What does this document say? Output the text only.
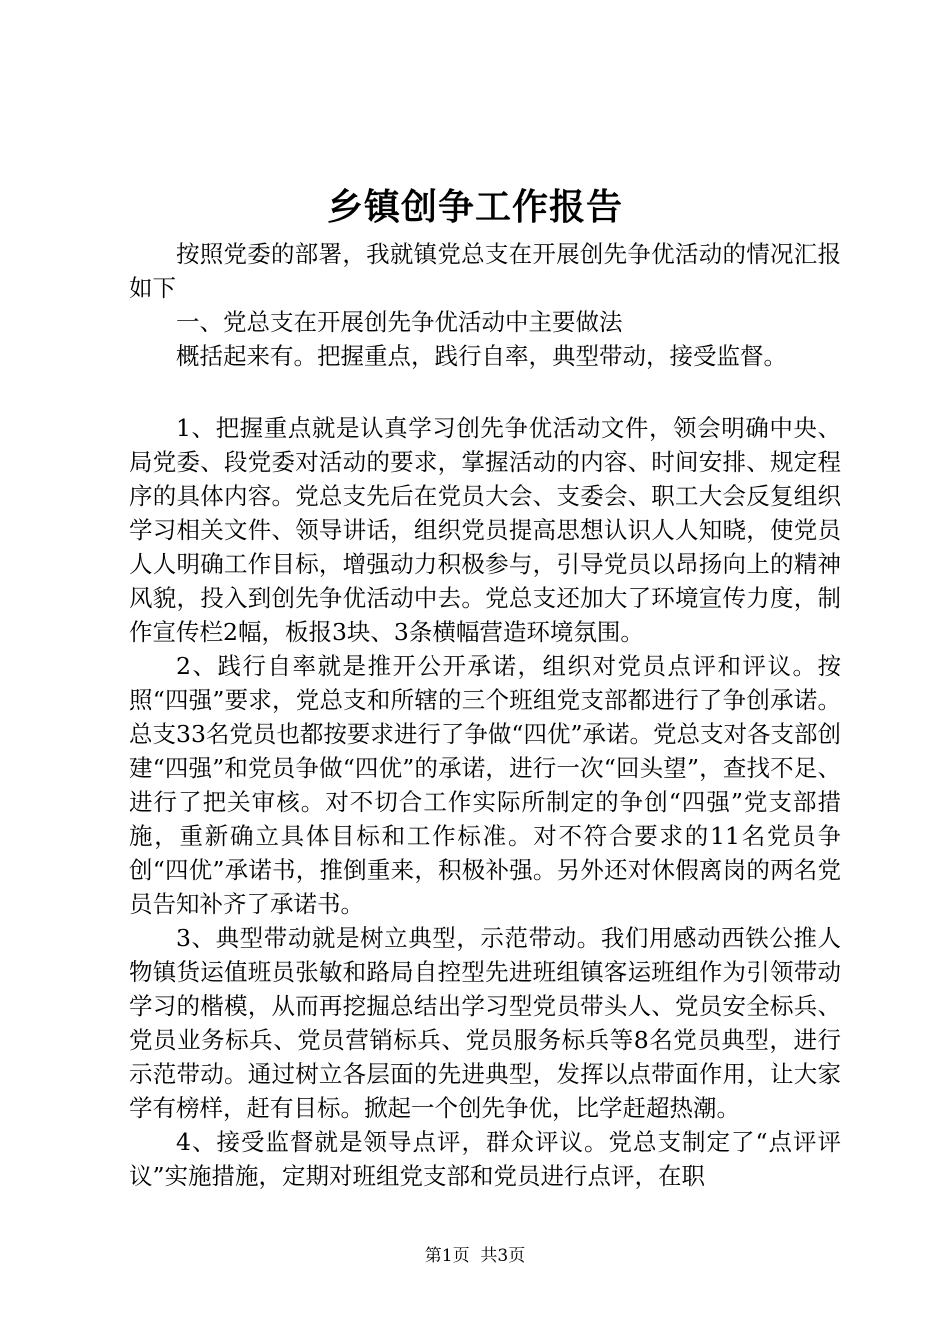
乡镇创争工作报告

按照党委的部署，我就镇党总支在开展创先争优活动的情况汇报如下

一、党总支在开展创先争优活动中主要做法

概括起来有。把握重点，践行自率，典型带动，接受监督。

1、把握重点就是认真学习创先争优活动文件，领会明确中央、局党委、段党委对活动的要求，掌握活动的内容、时间安排、规定程序的具体内容。党总支先后在党员大会、支委会、职工大会反复组织学习相关文件、领导讲话，组织党员提高思想认识人人知晓，使党员人人明确工作目标，增强动力积极参与，引导党员以昂扬向上的精神风貌，投入到创先争优活动中去。党总支还加大了环境宣传力度，制作宣传栏2幅，板报3块、3条横幅营造环境氛围。

2、践行自率就是推开公开承诺，组织对党员点评和评议。按照“四强”要求，党总支和所辖的三个班组党支部都进行了争创承诺。总支33名党员也都按要求进行了争做“四优”承诺。党总支对各支部创建“四强”和党员争做“四优”的承诺，进行一次“回头望”，查找不足、进行了把关审核。对不切合工作实际所制定的争创“四强”党支部措施，重新确立具体目标和工作标准。对不符合要求的11名党员争创“四优”承诺书，推倒重来，积极补强。另外还对休假离岗的两名党员告知补齐了承诺书。

3、典型带动就是树立典型，示范带动。我们用感动西铁公推人物镇货运值班员张敏和路局自控型先进班组镇客运班组作为引领带动学习的楷模，从而再挖掘总结出学习型党员带头人、党员安全标兵、党员业务标兵、党员营销标兵、党员服务标兵等8名党员典型，进行示范带动。通过树立各层面的先进典型，发挥以点带面作用，让大家学有榜样，赶有目标。掀起一个创先争优，比学赶超热潮。

4、接受监督就是领导点评，群众评议。党总支制定了“点评评议”实施措施，定期对班组党支部和党员进行点评，在职

第1页  共3页
